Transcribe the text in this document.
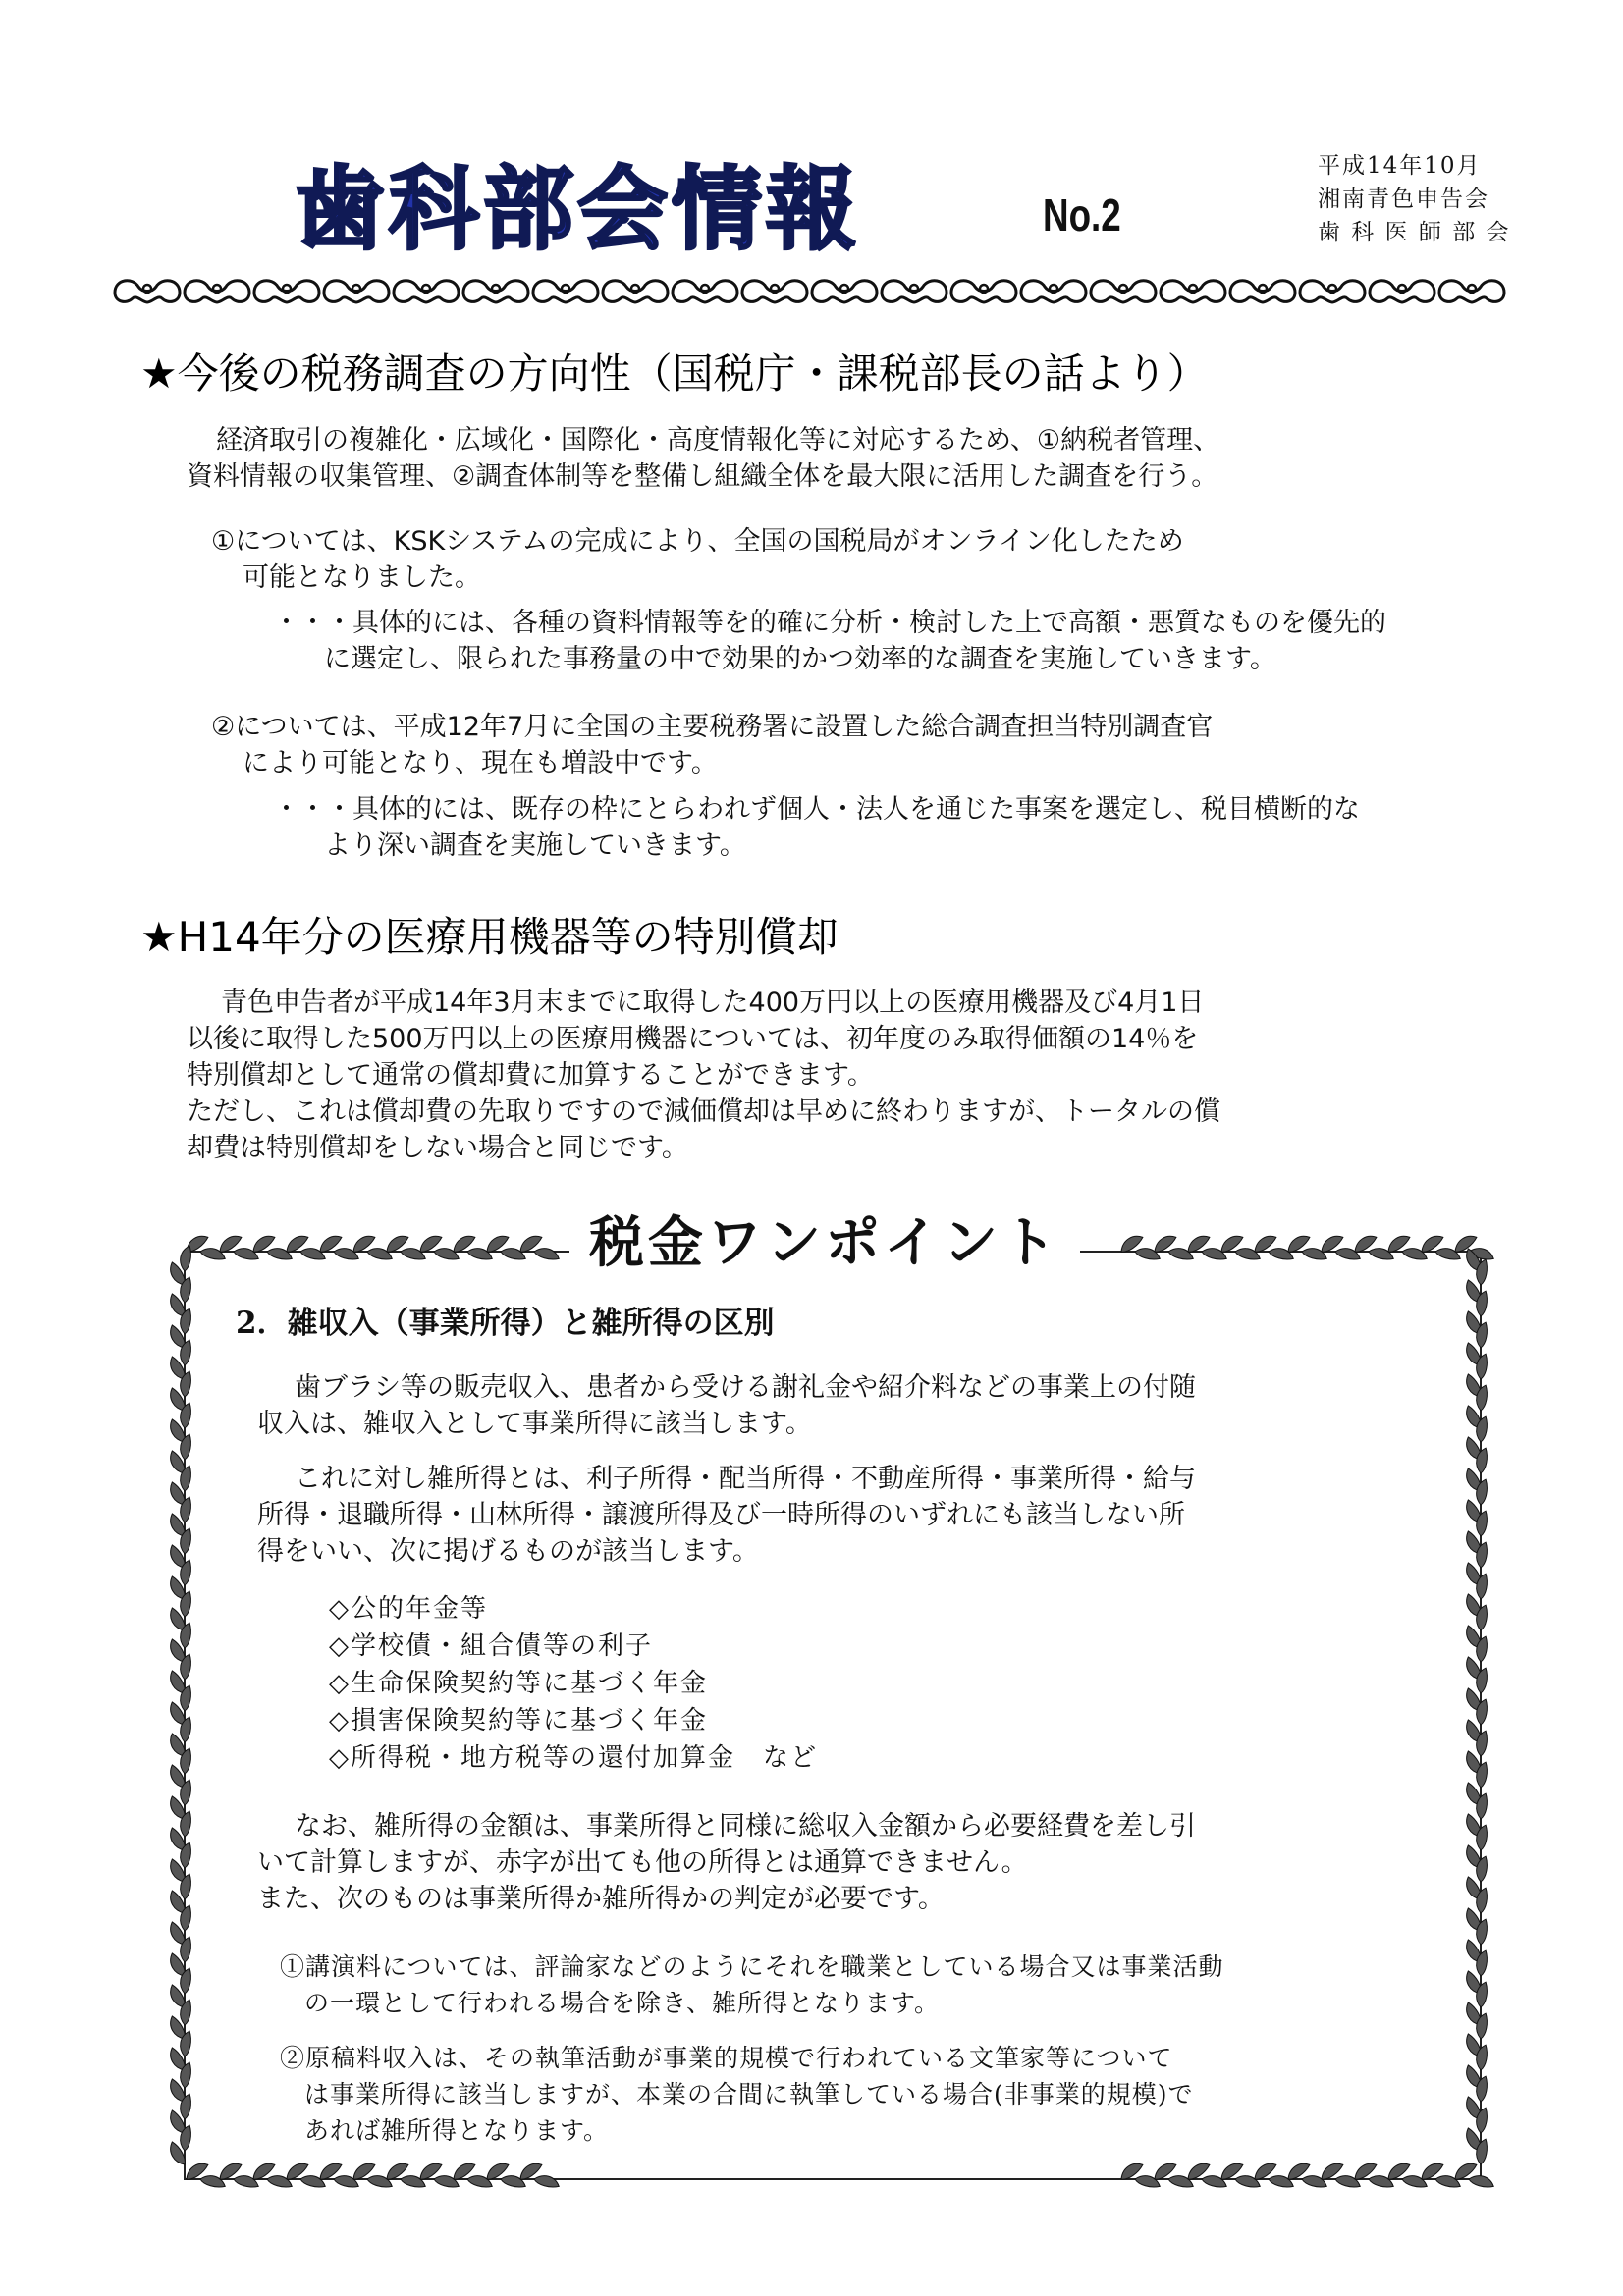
歯科部会情報	No.2
平成14年10月
湘南青色申告会
歯 科 医 師 部 会
★今後の税務調査の方向性（国税庁・課税部長の話より）
経済取引の複雑化・広域化・国際化・高度情報化等に対応するため、①納税者管理、
資料情報の収集管理、②調査体制等を整備し組織全体を最大限に活用した調査を行う。
①については、KSKシステムの完成により、全国の国税局がオンライン化したため
可能となりました。
・・・具体的には、各種の資料情報等を的確に分析・検討した上で高額・悪質なものを優先的
に選定し、限られた事務量の中で効果的かつ効率的な調査を実施していきます。
②については、平成12年7月に全国の主要税務署に設置した総合調査担当特別調査官
により可能となり、現在も増設中です。
・・・具体的には、既存の枠にとらわれず個人・法人を通じた事案を選定し、税目横断的な
より深い調査を実施していきます。
★H14年分の医療用機器等の特別償却
青色申告者が平成14年3月末までに取得した400万円以上の医療用機器及び4月1日
以後に取得した500万円以上の医療用機器については、初年度のみ取得価額の14％を
特別償却として通常の償却費に加算することができます。
ただし、これは償却費の先取りですので減価償却は早めに終わりますが、トータルの償
却費は特別償却をしない場合と同じです。
税金ワンポイント
2．雑収入（事業所得）と雑所得の区別
歯ブラシ等の販売収入、患者から受ける謝礼金や紹介料などの事業上の付随
収入は、雑収入として事業所得に該当します。
これに対し雑所得とは、利子所得・配当所得・不動産所得・事業所得・給与
所得・退職所得・山林所得・譲渡所得及び一時所得のいずれにも該当しない所
得をいい、次に掲げるものが該当します。
◇公的年金等
◇学校債・組合債等の利子
◇生命保険契約等に基づく年金
◇損害保険契約等に基づく年金
◇所得税・地方税等の還付加算金　など
なお、雑所得の金額は、事業所得と同様に総収入金額から必要経費を差し引
いて計算しますが、赤字が出ても他の所得とは通算できません。
また、次のものは事業所得か雑所得かの判定が必要です。
①講演料については、評論家などのようにそれを職業としている場合又は事業活動
の一環として行われる場合を除き、雑所得となります。
②原稿料収入は、その執筆活動が事業的規模で行われている文筆家等について
は事業所得に該当しますが、本業の合間に執筆している場合(非事業的規模)で
あれば雑所得となります。
